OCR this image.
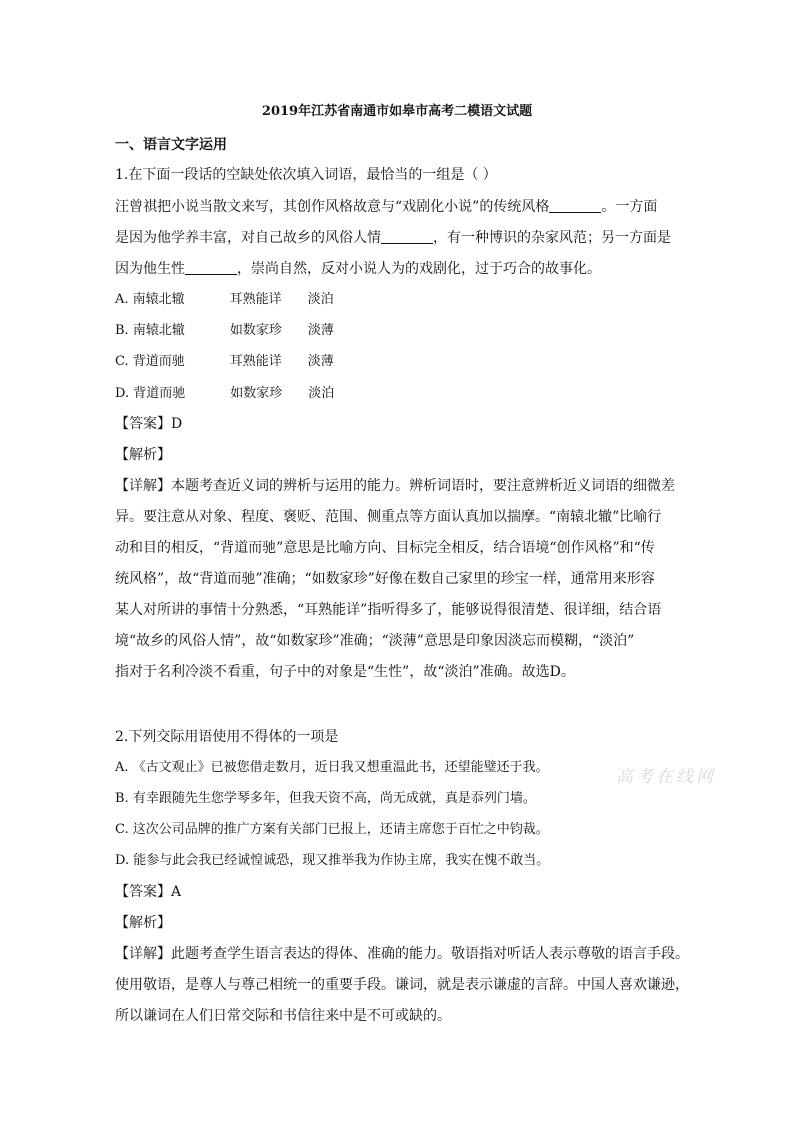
2019年江苏省南通市如皋市高考二模语文试题
一、语言文字运用
1.在下面一段话的空缺处依次填入词语，最恰当的一组是（ ）
汪曾祺把小说当散文来写，其创作风格故意与“戏剧化小说”的传统风格	。一方面
是因为他学养丰富，对自己故乡的风俗人情	，有一种博识的杂家风范；另一方面是
因为他生性	，崇尚自然，反对小说人为的戏剧化，过于巧合的故事化。
A. 南辕北辙	耳熟能详 淡泊
B. 南辕北辙	如数家珍 淡薄
C. 背道而驰	耳熟能详 淡薄
D. 背道而驰	如数家珍 淡泊
【答案】D
【解析】
【详解】本题考查近义词的辨析与运用的能力。辨析词语时，要注意辨析近义词语的细微差
异。要注意从对象、程度、褒贬、范围、侧重点等方面认真加以揣摩。“南辕北辙”比喻行
动和目的相反，“背道而驰”意思是比喻方向、目标完全相反，结合语境“创作风格”和“传
统风格”，故“背道而驰”准确；“如数家珍”好像在数自己家里的珍宝一样，通常用来形容
某人对所讲的事情十分熟悉，“耳熟能详”指听得多了，能够说得很清楚、很详细，结合语
境“故乡的风俗人情”，故“如数家珍”准确；“淡薄”意思是印象因淡忘而模糊，“淡泊”
指对于名利冷淡不看重，句子中的对象是“生性”，故“淡泊”准确。故选D。
2.下列交际用语使用不得体的一项是
A. 《古文观止》已被您借走数月，近日我又想重温此书，还望能璧还于我。
B. 有幸跟随先生您学琴多年，但我天资不高，尚无成就，真是忝列门墙。
C. 这次公司品牌的推广方案有关部门已报上，还请主席您于百忙之中钧裁。
D. 能参与此会我已经诚惶诚恐，现又推举我为作协主席，我实在愧不敢当。
【答案】A
【解析】
【详解】此题考查学生语言表达的得体、准确的能力。敬语指对听话人表示尊敬的语言手段。
使用敬语，是尊人与尊己相统一的重要手段。谦词，就是表示谦虚的言辞。中国人喜欢谦逊，
所以谦词在人们日常交际和书信往来中是不可或缺的。
高考在线网
